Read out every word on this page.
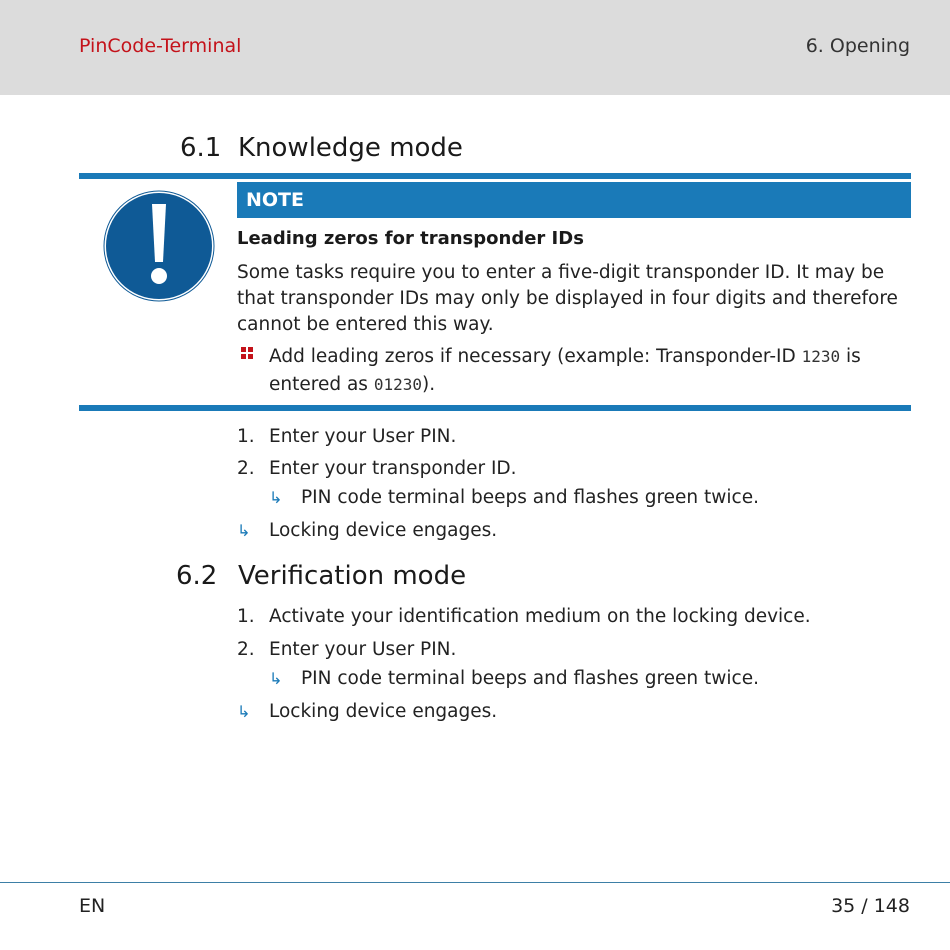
PinCode-Terminal	6. Opening
6.1 Knowledge mode
NOTE
Leading zeros for transponder IDs
Some tasks require you to enter a five-digit transponder ID. It may be that transponder IDs may only be displayed in four digits and therefore cannot be entered this way.
Add leading zeros if necessary (example: Transponder-ID 1230 is entered as 01230).
1. Enter your User PIN.
2. Enter your transponder ID.
↳ PIN code terminal beeps and flashes green twice.
↳ Locking device engages.
6.2 Verification mode
1. Activate your identification medium on the locking device.
2. Enter your User PIN.
↳ PIN code terminal beeps and flashes green twice.
↳ Locking device engages.
EN	35 / 148
